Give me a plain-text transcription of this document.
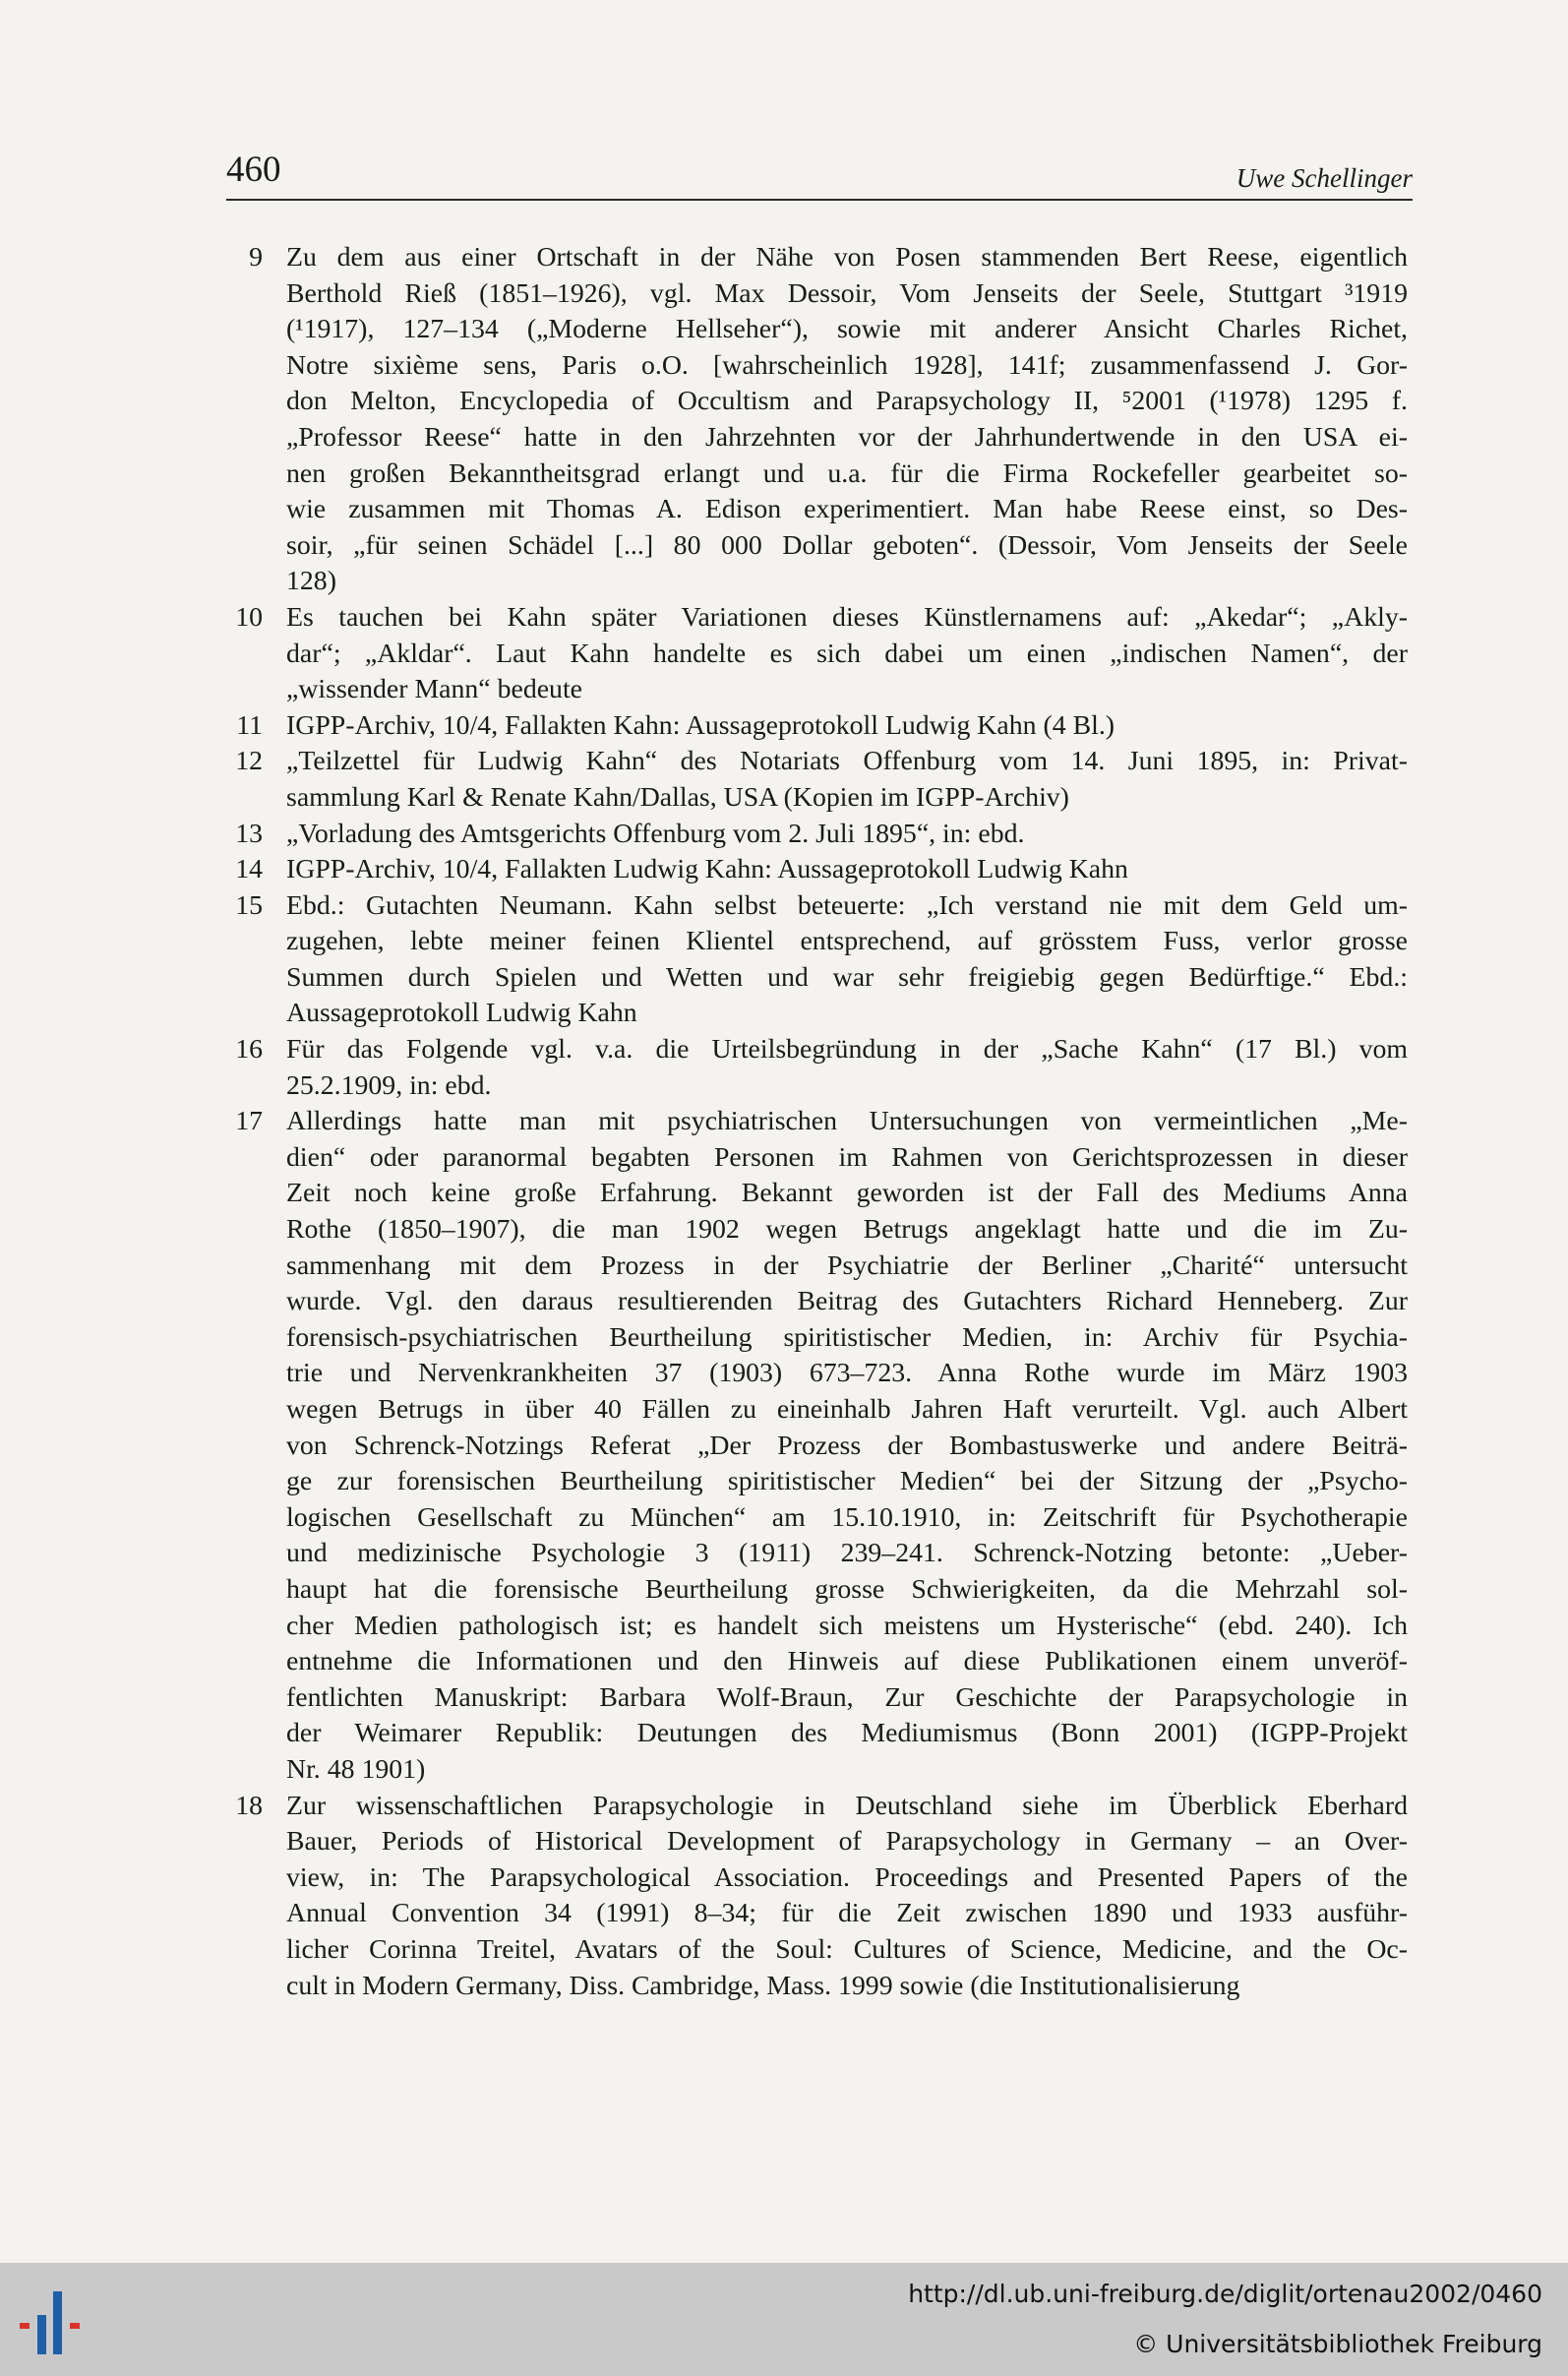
460	Uwe Schellinger
9 Zu dem aus einer Ortschaft in der Nähe von Posen stammenden Bert Reese, eigentlich
Berthold Rieß (1851–1926), vgl. Max Dessoir, Vom Jenseits der Seele, Stuttgart ³1919
(¹1917), 127–134 („Moderne Hellseher“), sowie mit anderer Ansicht Charles Richet,
Notre sixième sens, Paris o.O. [wahrscheinlich 1928], 141f; zusammenfassend J. Gor-
don Melton, Encyclopedia of Occultism and Parapsychology II, ⁵2001 (¹1978) 1295 f.
„Professor Reese“ hatte in den Jahrzehnten vor der Jahrhundertwende in den USA ei-
nen großen Bekanntheitsgrad erlangt und u.a. für die Firma Rockefeller gearbeitet so-
wie zusammen mit Thomas A. Edison experimentiert. Man habe Reese einst, so Des-
soir, „für seinen Schädel [...] 80 000 Dollar geboten“. (Dessoir, Vom Jenseits der Seele
128)
10 Es tauchen bei Kahn später Variationen dieses Künstlernamens auf: „Akedar“; „Akly-
dar“; „Akldar“. Laut Kahn handelte es sich dabei um einen „indischen Namen“, der
„wissender Mann“ bedeute
11 IGPP-Archiv, 10/4, Fallakten Kahn: Aussageprotokoll Ludwig Kahn (4 Bl.)
12 „Teilzettel für Ludwig Kahn“ des Notariats Offenburg vom 14. Juni 1895, in: Privat-
sammlung Karl & Renate Kahn/Dallas, USA (Kopien im IGPP-Archiv)
13 „Vorladung des Amtsgerichts Offenburg vom 2. Juli 1895“, in: ebd.
14 IGPP-Archiv, 10/4, Fallakten Ludwig Kahn: Aussageprotokoll Ludwig Kahn
15 Ebd.: Gutachten Neumann. Kahn selbst beteuerte: „Ich verstand nie mit dem Geld um-
zugehen, lebte meiner feinen Klientel entsprechend, auf grösstem Fuss, verlor grosse
Summen durch Spielen und Wetten und war sehr freigiebig gegen Bedürftige.“ Ebd.:
Aussageprotokoll Ludwig Kahn
16 Für das Folgende vgl. v.a. die Urteilsbegründung in der „Sache Kahn“ (17 Bl.) vom
25.2.1909, in: ebd.
17 Allerdings hatte man mit psychiatrischen Untersuchungen von vermeintlichen „Me-
dien“ oder paranormal begabten Personen im Rahmen von Gerichtsprozessen in dieser
Zeit noch keine große Erfahrung. Bekannt geworden ist der Fall des Mediums Anna
Rothe (1850–1907), die man 1902 wegen Betrugs angeklagt hatte und die im Zu-
sammenhang mit dem Prozess in der Psychiatrie der Berliner „Charité“ untersucht
wurde. Vgl. den daraus resultierenden Beitrag des Gutachters Richard Henneberg. Zur
forensisch-psychiatrischen Beurtheilung spiritistischer Medien, in: Archiv für Psychia-
trie und Nervenkrankheiten 37 (1903) 673–723. Anna Rothe wurde im März 1903
wegen Betrugs in über 40 Fällen zu eineinhalb Jahren Haft verurteilt. Vgl. auch Albert
von Schrenck-Notzings Referat „Der Prozess der Bombastuswerke und andere Beiträ-
ge zur forensischen Beurtheilung spiritistischer Medien“ bei der Sitzung der „Psycho-
logischen Gesellschaft zu München“ am 15.10.1910, in: Zeitschrift für Psychotherapie
und medizinische Psychologie 3 (1911) 239–241. Schrenck-Notzing betonte: „Ueber-
haupt hat die forensische Beurtheilung grosse Schwierigkeiten, da die Mehrzahl sol-
cher Medien pathologisch ist; es handelt sich meistens um Hysterische“ (ebd. 240). Ich
entnehme die Informationen und den Hinweis auf diese Publikationen einem unveröf-
fentlichten Manuskript: Barbara Wolf-Braun, Zur Geschichte der Parapsychologie in
der Weimarer Republik: Deutungen des Mediumismus (Bonn 2001) (IGPP-Projekt
Nr. 48 1901)
18 Zur wissenschaftlichen Parapsychologie in Deutschland siehe im Überblick Eberhard
Bauer, Periods of Historical Development of Parapsychology in Germany – an Over-
view, in: The Parapsychological Association. Proceedings and Presented Papers of the
Annual Convention 34 (1991) 8–34; für die Zeit zwischen 1890 und 1933 ausführ-
licher Corinna Treitel, Avatars of the Soul: Cultures of Science, Medicine, and the Oc-
cult in Modern Germany, Diss. Cambridge, Mass. 1999 sowie (die Institutionalisierung
http://dl.ub.uni-freiburg.de/diglit/ortenau2002/0460
© Universitätsbibliothek Freiburg
